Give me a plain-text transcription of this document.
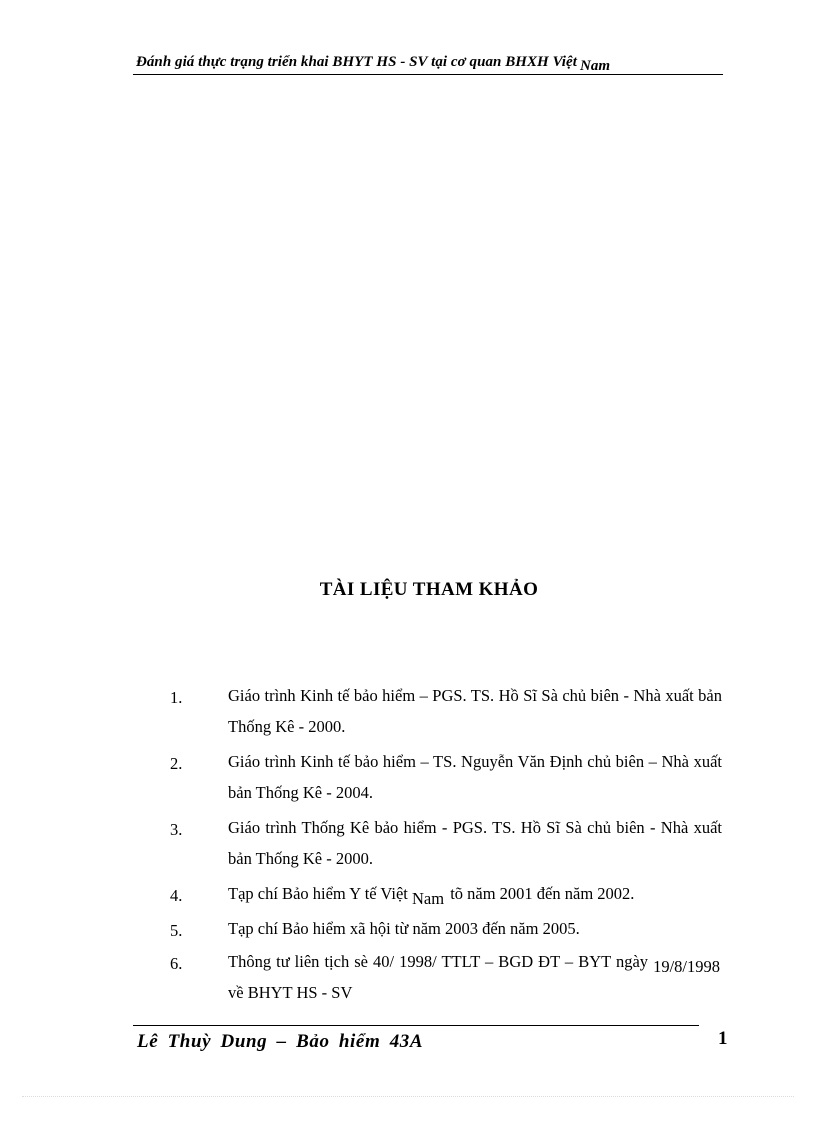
Đánh giá thực trạng triển khai BHYT HS - SV tại cơ quan BHXH Việt Nam
TÀI LIỆU THAM KHẢO
1.	Giáo trình Kinh tế bảo hiểm – PGS. TS. Hồ Sĩ Sà chủ biên - Nhà xuất bản Thống Kê - 2000.
2.	Giáo trình Kinh tế bảo hiểm – TS. Nguyễn Văn Định chủ biên – Nhà xuất bản Thống Kê - 2004.
3.	Giáo trình Thống Kê bảo hiểm - PGS. TS. Hồ Sĩ Sà chủ biên - Nhà xuất bản Thống Kê - 2000.
4.	Tạp chí Bảo hiểm Y tế Việt Nam tõ năm 2001 đến năm 2002.
5.	Tạp chí Bảo hiểm xã hội từ năm 2003 đến năm 2005.
6.	Thông tư liên tịch sè 40/ 1998/ TTLT – BGD ĐT – BYT ngày 19/8/1998 về BHYT HS - SV
Lê Thuỳ Dung – Bảo hiểm 43A	1
